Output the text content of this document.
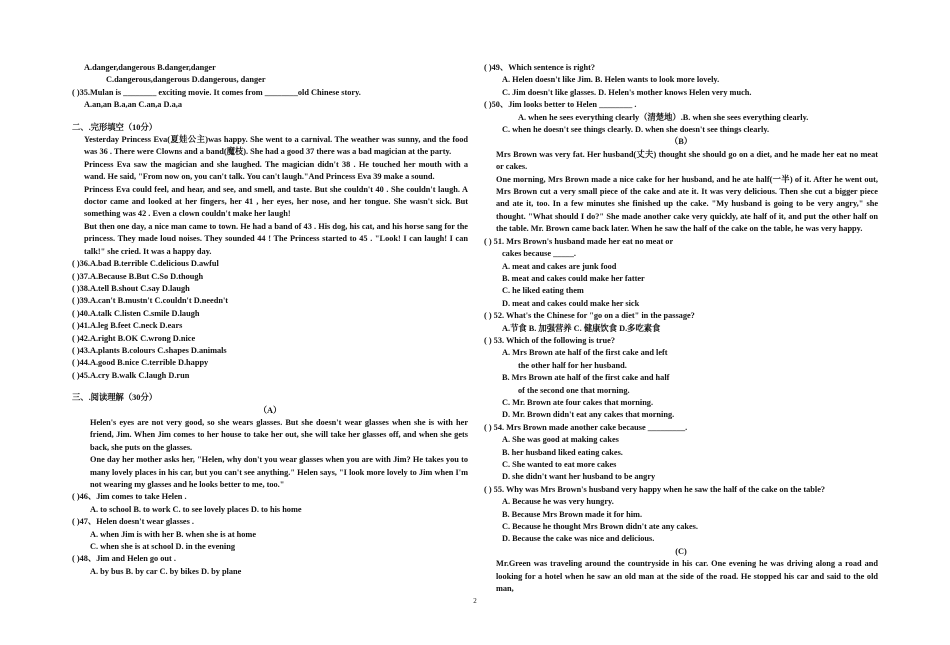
A.danger,dangerous B.danger,danger
C.dangerous,dangerous D.dangerous, danger
( )35.Mulan is ________ exciting movie. It comes from ________old Chinese story.
A.an,an B.a,an C.an,a D.a,a
二、.完形填空（10分）
Yesterday Princess Eva(夏娃公主)was happy. She went to a carnival. The weather was sunny, and the food was 36 . There were Clowns and a band(魔枝). She had a good 37 there was a bad magician at the party.
Princess Eva saw the magician and she laughed. The magician didn't 38 . He touched her mouth with a wand. He said, "From now on, you can't talk. You can't laugh."And Princess Eva 39 make a sound.
Princess Eva could feel, and hear, and see, and smell, and taste. But she couldn't 40 . She couldn't laugh. A doctor came and looked at her fingers, her 41 , her eyes, her nose, and her tongue. She wasn't sick. But something was 42 . Even a clown couldn't make her laugh!
But then one day, a nice man came to town. He had a band of 43 . His dog, his cat, and his horse sang for the princess. They made loud noises. They sounded 44 ! The Princess started to 45 . "Look! I can laugh! I can talk!" she cried. It was a happy day.
( )36.A.bad B.terrible C.delicious D.awful
( )37.A.Because B.But C.So D.though
( )38.A.tell B.shout C.say D.laugh
( )39.A.can't B.mustn't C.couldn't D.needn't
( )40.A.talk C.listen C.smile D.laugh
( )41.A.leg B.feet C.neck D.ears
( )42.A.right B.OK C.wrong D.nice
( )43.A.plants B.colours C.shapes D.animals
( )44.A.good B.nice C.terrible D.happy
( )45.A.cry B.walk C.laugh D.run
三、.阅读理解（30分）
（A）
Helen's eyes are not very good, so she wears glasses. But she doesn't wear glasses when she is with her friend, Jim. When Jim comes to her house to take her out, she will take her glasses off, and when she gets back, she puts on the glasses.
One day her mother asks her, "Helen, why don't you wear glasses when you are with Jim? He takes you to many lovely places in his car, but you can't see anything." Helen says, "I look more lovely to Jim when I'm not wearing my glasses and he looks better to me, too."
( )46、Jim comes to take Helen .
A. to school B. to work C. to see lovely places D. to his home
( )47、Helen doesn't wear glasses .
A. when Jim is with her B. when she is at home
C. when she is at school D. in the evening
( )48、Jim and Helen go out .
A. by bus B. by car C. by bikes D. by plane
( )49、Which sentence is right?
A. Helen doesn't like Jim. B. Helen wants to look more lovely.
C. Jim doesn't like glasses. D. Helen's mother knows Helen very much.
( )50、Jim looks better to Helen ________ .
A. when he sees everything clearly（清楚地）.B. when she sees everything clearly.
C. when he doesn't see things clearly. D. when she doesn't see things clearly.
（B）
Mrs Brown was very fat. Her husband(丈夫) thought she should go on a diet, and he made her eat no meat or cakes.
One morning, Mrs Brown made a nice cake for her husband, and he ate half(一半) of it. After he went out, Mrs Brown cut a very small piece of the cake and ate it. It was very delicious. Then she cut a bigger piece and ate it, too. In a few minutes she finished up the cake. "My husband is going to be very angry," she thought. "What should I do?" She made another cake very quickly, ate half of it, and put the other half on the table. Mr. Brown came back later. When he saw the half of the cake on the table, he was very happy.
( ) 51. Mrs Brown's husband made her eat no meat or
cakes because _____.
A. meat and cakes are junk food
B. meat and cakes could make her fatter
C. he liked eating them
D. meat and cakes could make her sick
( ) 52. What's the Chinese for "go on a diet" in the passage?
A.节食 B. 加强营养 C. 健康饮食 D.多吃素食
( ) 53. Which of the following is true?
A. Mrs Brown ate half of the first cake and left
the other half for her husband.
B. Mrs Brown ate half of the first cake and half
of the second one that morning.
C. Mr. Brown ate four cakes that morning.
D. Mr. Brown didn't eat any cakes that morning.
( ) 54. Mrs Brown made another cake because _________.
A. She was good at making cakes
B. her husband liked eating cakes.
C. She wanted to eat more cakes
D. she didn't want her husband to be angry
( ) 55. Why was Mrs Brown's husband very happy when he saw the half of the cake on the table?
A. Because he was very hungry.
B. Because Mrs Brown made it for him.
C. Because he thought Mrs Brown didn't ate any cakes.
D. Because the cake was nice and delicious.
(C)
Mr.Green was traveling around the countryside in his car. One evening he was driving along a road and looking for a hotel when he saw an old man at the side of the road. He stopped his car and said to the old man,
2
